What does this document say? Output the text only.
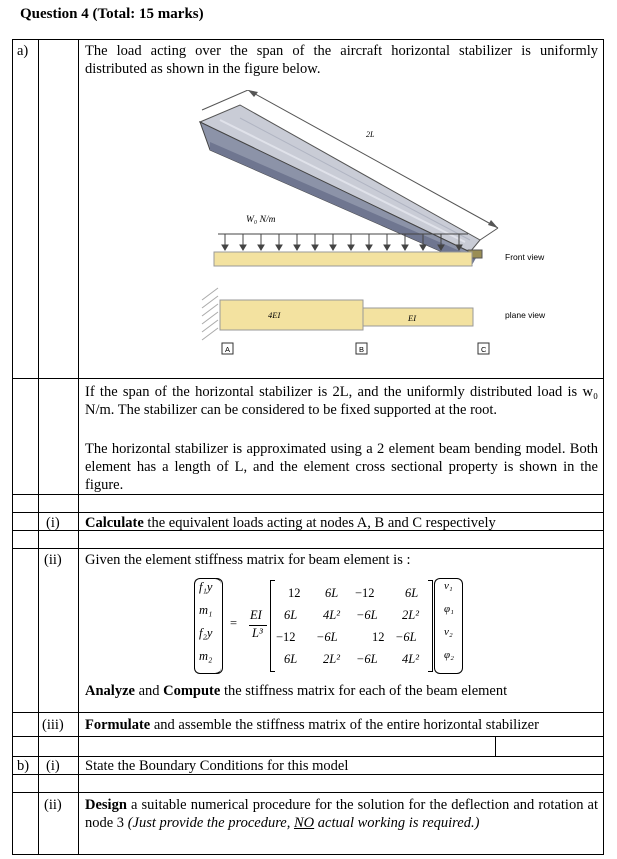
Question 4 (Total: 15 marks)
a)	The load acting over the span of the aircraft horizontal stabilizer is uniformly distributed as shown in the figure below.
2L
W₀ N/m
Front view
4EI	EI	plane view
A	B	C
If the span of the horizontal stabilizer is 2L, and the uniformly distributed load is w₀ N/m. The stabilizer can be considered to be fixed supported at the root.
The horizontal stabilizer is approximated using a 2 element beam bending model. Both element has a length of L, and the element cross sectional property is shown in the figure.
(i) Calculate the equivalent loads acting at nodes A, B and C respectively
(ii) Given the element stiffness matrix for beam element is :
f₁y
m₁
f₂y
m₂
=
EI
L³
12 6L −12 6L
6L 4L² −6L 2L²
−12 −6L	12 −6L
6L 2L² −6L 4L²
v₁
φ₁
v₂
φ₂
Analyze and Compute the stiffness matrix for each of the beam element
(iii) Formulate and assemble the stiffness matrix of the entire horizontal stabilizer
b) (i) State the Boundary Conditions for this model
(ii) Design a suitable numerical procedure for the solution for the deflection and rotation at node 3 (Just provide the procedure, NO actual working is required.)
